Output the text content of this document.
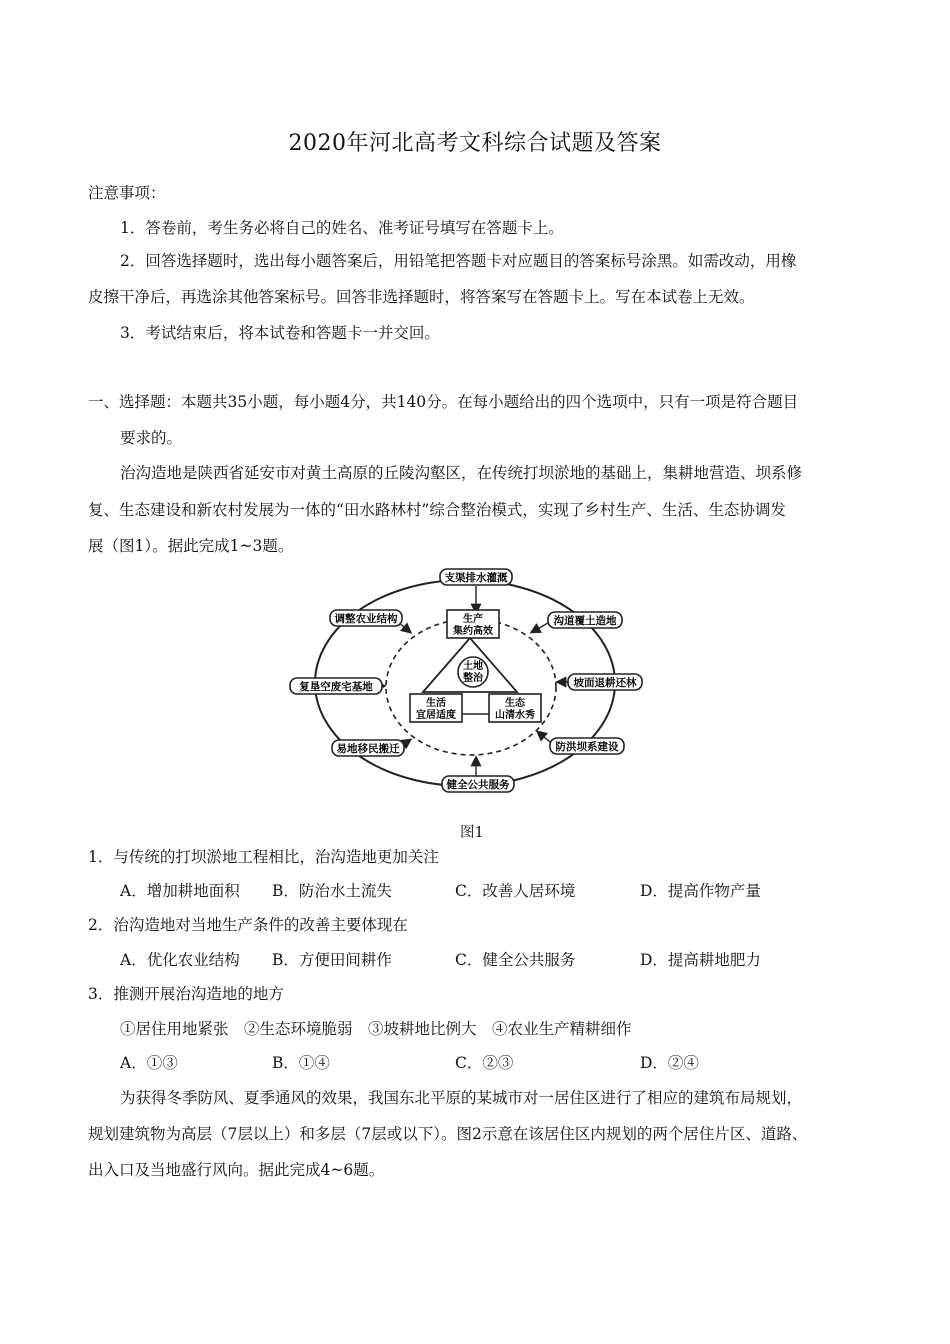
2020年河北高考文科综合试题及答案
注意事项：
1．答卷前，考生务必将自己的姓名、准考证号填写在答题卡上。
2．回答选择题时，选出每小题答案后，用铅笔把答题卡对应题目的答案标号涂黑。如需改动，用橡
皮擦干净后，再选涂其他答案标号。回答非选择题时，将答案写在答题卡上。写在本试卷上无效。
3．考试结束后，将本试卷和答题卡一并交回。
一、选择题：本题共35小题，每小题4分，共140分。在每小题给出的四个选项中，只有一项是符合题目
要求的。
治沟造地是陕西省延安市对黄土高原的丘陵沟壑区，在传统打坝淤地的基础上，集耕地营造、坝系修
复、生态建设和新农村发展为一体的“田水路林村”综合整治模式，实现了乡村生产、生活、生态协调发
展（图1）。据此完成1~3题。
支渠排水灌溉
沟道覆土造地
坡面退耕还林
防洪坝系建设
健全公共服务
易地移民搬迁
复垦空废宅基地
调整农业结构
土地
整治
生产
集约高效
生活
宜居适度
生态
山清水秀
图1
1．与传统的打坝淤地工程相比，治沟造地更加关注
A．增加耕地面积 B．防治水土流失	C．改善人居环境	D．提高作物产量
2．治沟造地对当地生产条件的改善主要体现在
A．优化农业结构 B．方便田间耕作	C．健全公共服务	D．提高耕地肥力
3．推测开展治沟造地的地方
①居住用地紧张　②生态环境脆弱　③坡耕地比例大　④农业生产精耕细作
A．①③	B．①④	C．②③	D．②④
为获得冬季防风、夏季通风的效果，我国东北平原的某城市对一居住区进行了相应的建筑布局规划，
规划建筑物为高层（7层以上）和多层（7层或以下）。图2示意在该居住区内规划的两个居住片区、道路、
出入口及当地盛行风向。据此完成4~6题。
